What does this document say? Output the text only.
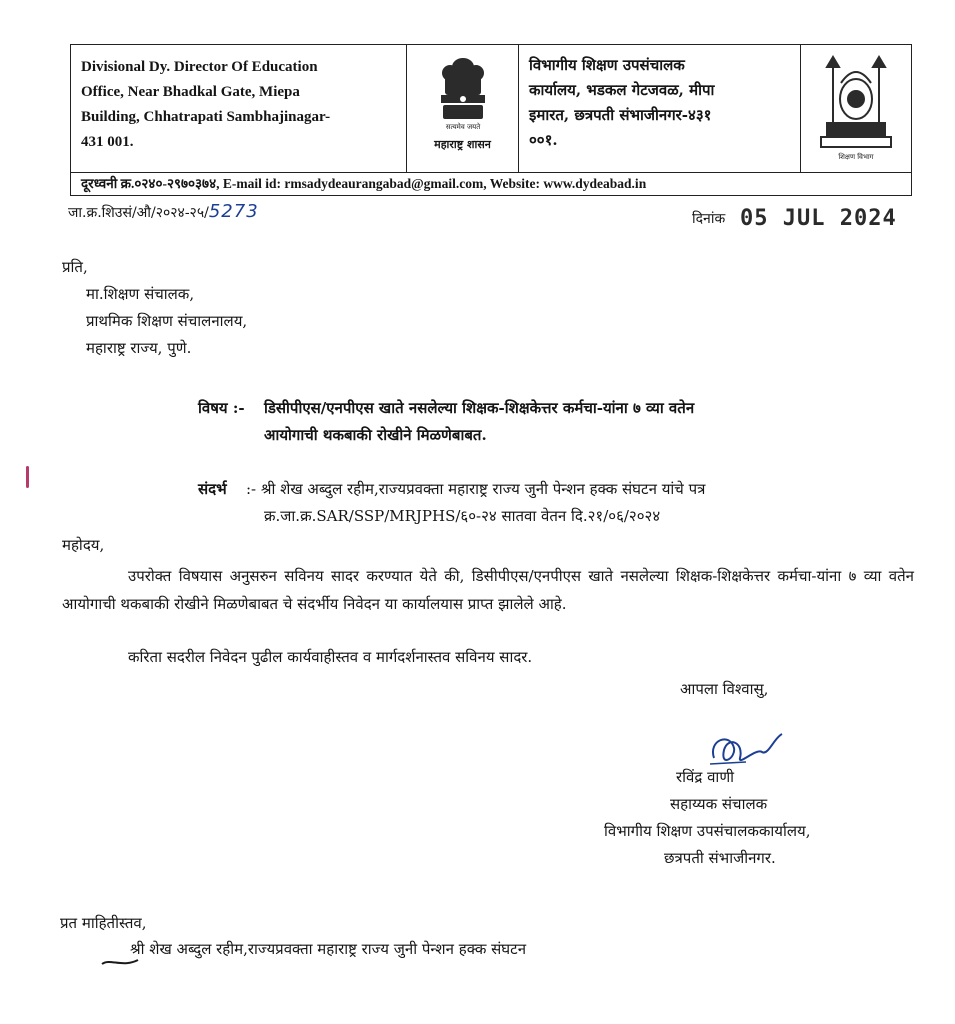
Divisional Dy. Director Of Education
Office, Near Bhadkal Gate, Miepa
Building, Chhatrapati Sambhajinagar-
431 001.
सत्यमेव जयते
महाराष्ट्र शासन
विभागीय शिक्षण उपसंचालक
कार्यालय, भडकल गेटजवळ, मीपा
इमारत, छत्रपती संभाजीनगर-४३१
००१.
शिक्षण विभाग
दूरध्वनी क्र.०२४०-२९७०३७४, E-mail id: rmsadydeaurangabad@gmail.com, Website: www.dydeabad.in
जा.क्र.शिउसं/औ/२०२४-२५/5273	दिनांक 05 JUL 2024
प्रति,
मा.शिक्षण संचालक,
प्राथमिक शिक्षण संचालनालय,
महाराष्ट्र राज्य, पुणे.
विषय :- डिसीपीएस/एनपीएस खाते नसलेल्या शिक्षक-शिक्षकेत्तर कर्मचा-यांना ७ व्या वतेन
आयोगाची थकबाकी रोखीने मिळणेबाबत.
संदर्भ :- श्री शेख अब्दुल रहीम,राज्यप्रवक्ता महाराष्ट्र राज्य जुनी पेन्शन हक्क संघटन यांचे पत्र
क्र.जा.क्र.SAR/SSP/MRJPHS/६०-२४ सातवा वेतन दि.२१/०६/२०२४
महोदय,
उपरोक्त विषयास अनुसरुन सविनय सादर करण्यात येते की, डिसीपीएस/एनपीएस खाते नसलेल्या शिक्षक-शिक्षकेत्तर कर्मचा-यांना ७ व्या वतेन आयोगाची थकबाकी रोखीने मिळणेबाबत चे संदर्भीय निवेदन या कार्यालयास प्राप्त झालेले आहे.
करिता सदरील निवेदन पुढील कार्यवाहीस्तव व मार्गदर्शनास्तव सविनय सादर.
आपला विश्वासु,
रविंद्र वाणी
सहाय्यक संचालक
विभागीय शिक्षण उपसंचालककार्यालय,
छत्रपती संभाजीनगर.
प्रत माहितीस्तव,
श्री शेख अब्दुल रहीम,राज्यप्रवक्ता महाराष्ट्र राज्य जुनी पेन्शन हक्क संघटन
